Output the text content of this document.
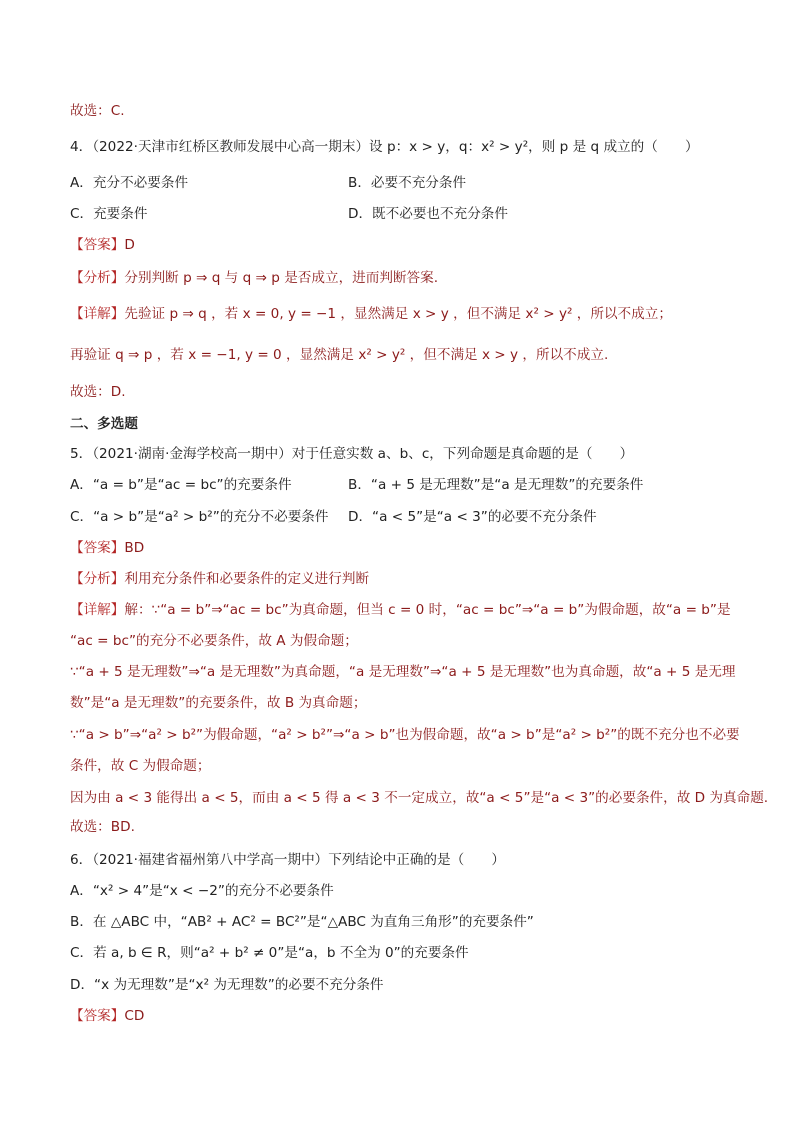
故选：C.
4．（2022·天津市红桥区教师发展中心高一期末）设 p：x > y，q：x² > y²，则 p 是 q 成立的（　　）
A．充分不必要条件	B．必要不充分条件
C．充要条件	D．既不必要也不充分条件
【答案】D
【分析】分别判断 p ⇒ q 与 q ⇒ p 是否成立，进而判断答案.
【详解】先验证 p ⇒ q ，若 x = 0, y = −1 ，显然满足 x > y ，但不满足 x² > y² ，所以不成立；
再验证 q ⇒ p ，若 x = −1, y = 0 ，显然满足 x² > y² ，但不满足 x > y ，所以不成立.
故选：D.
二、多选题
5．（2021·湖南·金海学校高一期中）对于任意实数 a、b、c，下列命题是真命题的是（　　）
A．“a = b”是“ac = bc”的充要条件	B．“a + 5 是无理数”是“a 是无理数”的充要条件
C．“a > b”是“a² > b²”的充分不必要条件 D．“a < 5”是“a < 3”的必要不充分条件
【答案】BD
【分析】利用充分条件和必要条件的定义进行判断
【详解】解：∵“a = b”⇒“ac = bc”为真命题，但当 c = 0 时，“ac = bc”⇒“a = b”为假命题，故“a = b”是
“ac = bc”的充分不必要条件，故 A 为假命题；
∵“a + 5 是无理数”⇒“a 是无理数”为真命题，“a 是无理数”⇒“a + 5 是无理数”也为真命题，故“a + 5 是无理
数”是“a 是无理数”的充要条件，故 B 为真命题；
∵“a > b”⇒“a² > b²”为假命题，“a² > b²”⇒“a > b”也为假命题，故“a > b”是“a² > b²”的既不充分也不必要
条件，故 C 为假命题；
因为由 a < 3 能得出 a < 5，而由 a < 5 得 a < 3 不一定成立，故“a < 5”是“a < 3”的必要条件，故 D 为真命题.
故选：BD.
6．（2021·福建省福州第八中学高一期中）下列结论中正确的是（　　）
A．“x² > 4”是“x < −2”的充分不必要条件
B．在 △ABC 中，“AB² + AC² = BC²”是“△ABC 为直角三角形”的充要条件”
C．若 a, b ∈ R，则“a² + b² ≠ 0”是“a，b 不全为 0”的充要条件
D．“x 为无理数”是“x² 为无理数”的必要不充分条件
【答案】CD
